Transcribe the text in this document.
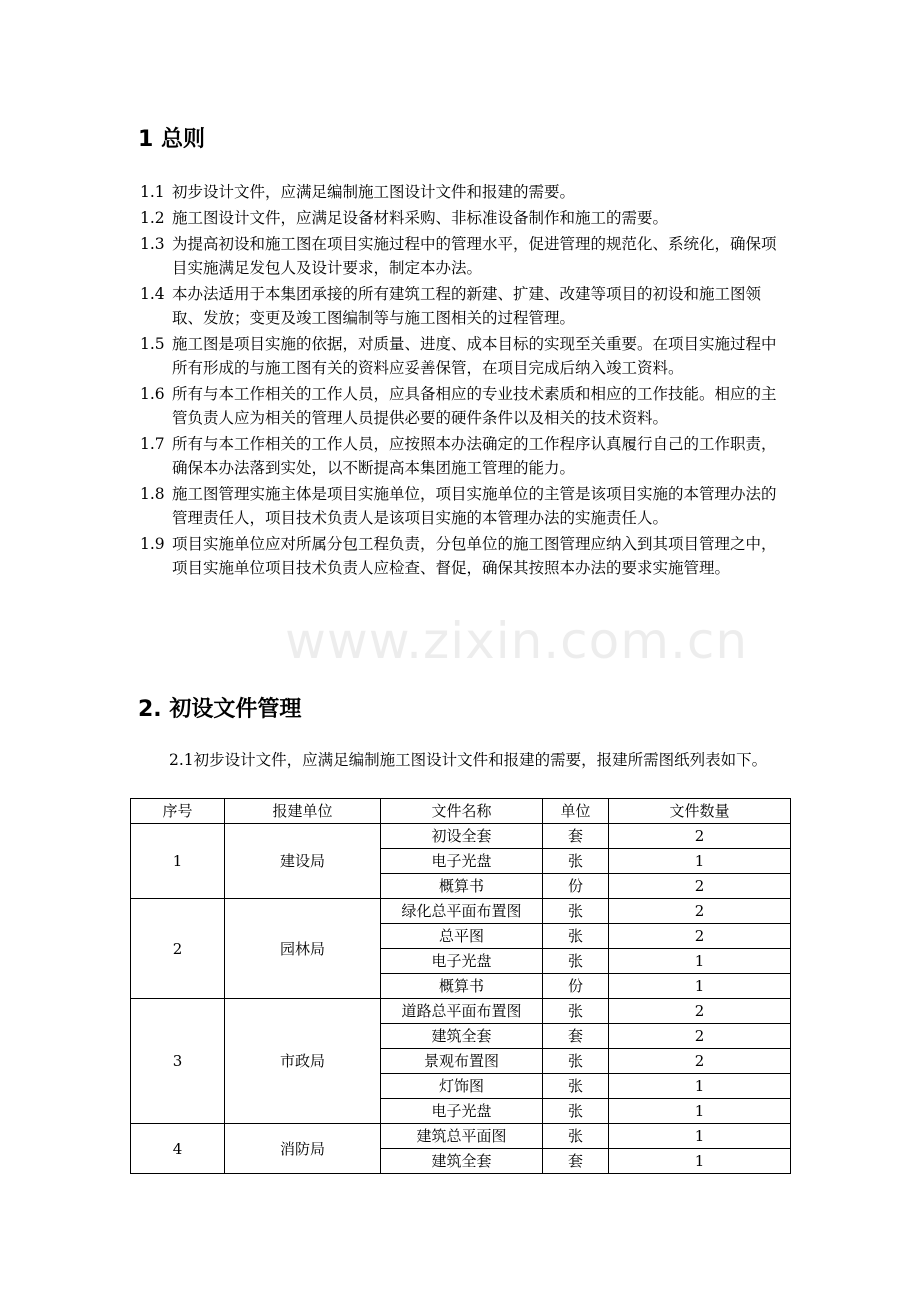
www.zixin.com.cn
1 总则
1.1 初步设计文件，应满足编制施工图设计文件和报建的需要。
1.2 施工图设计文件，应满足设备材料采购、非标准设备制作和施工的需要。
1.3 为提高初设和施工图在项目实施过程中的管理水平，促进管理的规范化、系统化，确保项目实施满足发包人及设计要求，制定本办法。
1.4 本办法适用于本集团承接的所有建筑工程的新建、扩建、改建等项目的初设和施工图领取、发放；变更及竣工图编制等与施工图相关的过程管理。
1.5 施工图是项目实施的依据，对质量、进度、成本目标的实现至关重要。在项目实施过程中所有形成的与施工图有关的资料应妥善保管，在项目完成后纳入竣工资料。
1.6 所有与本工作相关的工作人员，应具备相应的专业技术素质和相应的工作技能。相应的主管负责人应为相关的管理人员提供必要的硬件条件以及相关的技术资料。
1.7 所有与本工作相关的工作人员，应按照本办法确定的工作程序认真履行自己的工作职责，确保本办法落到实处，以不断提高本集团施工管理的能力。
1.8 施工图管理实施主体是项目实施单位，项目实施单位的主管是该项目实施的本管理办法的管理责任人，项目技术负责人是该项目实施的本管理办法的实施责任人。
1.9 项目实施单位应对所属分包工程负责，分包单位的施工图管理应纳入到其项目管理之中，项目实施单位项目技术负责人应检查、督促，确保其按照本办法的要求实施管理。
2. 初设文件管理
2.1初步设计文件，应满足编制施工图设计文件和报建的需要，报建所需图纸列表如下。
序号	报建单位	文件名称	单位	文件数量
1	建设局	初设全套	套	2
		电子光盘	张	1
		概算书	份	2
2	园林局	绿化总平面布置图	张	2
		总平图	张	2
		电子光盘	张	1
		概算书	份	1
3	市政局	道路总平面布置图	张	2
		建筑全套	套	2
		景观布置图	张	2
		灯饰图	张	1
		电子光盘	张	1
4	消防局	建筑总平面图	张	1
		建筑全套	套	1
